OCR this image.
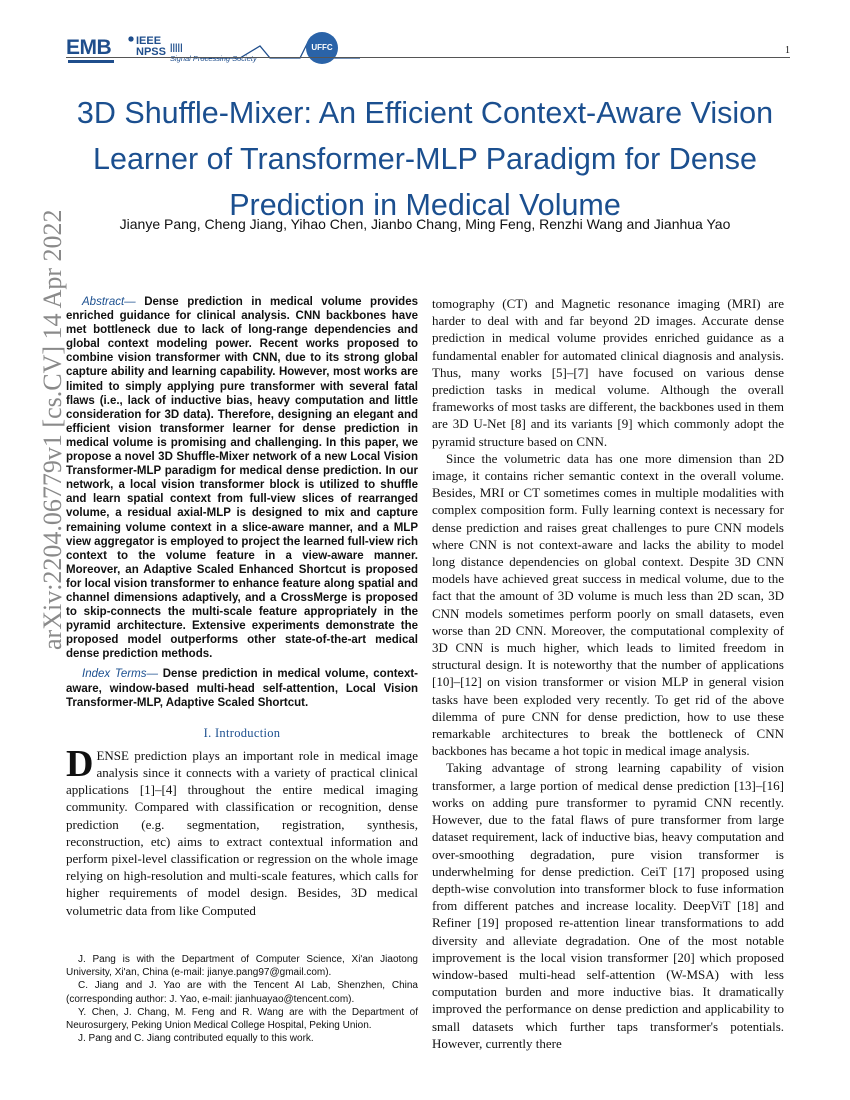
EMB IEEE NPSS |||||
Signal Processing Society
UFFC	1
3D Shuffle-Mixer: An Efficient Context-Aware Vision Learner of Transformer-MLP Paradigm for Dense Prediction in Medical Volume
Jianye Pang, Cheng Jiang, Yihao Chen, Jianbo Chang, Ming Feng, Renzhi Wang and Jianhua Yao
arXiv:2204.06779v1 [cs.CV] 14 Apr 2022	Abstract— Dense prediction in medical volume provides enriched guidance for clinical analysis. CNN backbones have met bottleneck due to lack of long-range dependencies and global context modeling power. Recent works proposed to combine vision transformer with CNN, due to its strong global capture ability and learning capability. However, most works are limited to simply applying pure transformer with several fatal flaws (i.e., lack of inductive bias, heavy computation and little consideration for 3D data). Therefore, designing an elegant and efficient vision transformer learner for dense prediction in medical volume is promising and challenging. In this paper, we propose a novel 3D Shuffle-Mixer network of a new Local Vision Transformer-MLP paradigm for medical dense prediction. In our network, a local vision transformer block is utilized to shuffle and learn spatial context from full-view slices of rearranged volume, a residual axial-MLP is designed to mix and capture remaining volume context in a slice-aware manner, and a MLP view aggregator is employed to project the learned full-view rich context to the volume feature in a view-aware manner. Moreover, an Adaptive Scaled Enhanced Shortcut is proposed for local vision transformer to enhance feature along spatial and channel dimensions adaptively, and a CrossMerge is proposed to skip-connects the multi-scale feature appropriately in the pyramid architecture. Extensive experiments demonstrate the proposed model outperforms other state-of-the-art medical dense prediction methods.

Index Terms— Dense prediction in medical volume, context-aware, window-based multi-head self-attention, Local Vision Transformer-MLP, Adaptive Scaled Shortcut.

I. Introduction

DENSE prediction plays an important role in medical image analysis since it connects with a variety of practical clinical applications [1]–[4] throughout the entire medical imaging community. Compared with classification or recognition, dense prediction (e.g. segmentation, registration, synthesis, reconstruction, etc) aims to extract contextual information and perform pixel-level classification or regression on the whole image relying on high-resolution and multi-scale features, which calls for higher requirements of model design. Besides, 3D medical volumetric data from like Computed

J. Pang is with the Department of Computer Science, Xi'an Jiaotong University, Xi'an, China (e-mail: jianye.pang97@gmail.com).

C. Jiang and J. Yao are with the Tencent AI Lab, Shenzhen, China (corresponding author: J. Yao, e-mail: jianhuayao@tencent.com).

Y. Chen, J. Chang, M. Feng and R. Wang are with the Department of Neurosurgery, Peking Union Medical College Hospital, Peking Union.

J. Pang and C. Jiang contributed equally to this work.

tomography (CT) and Magnetic resonance imaging (MRI) are harder to deal with and far beyond 2D images. Accurate dense prediction in medical volume provides enriched guidance as a fundamental enabler for automated clinical diagnosis and analysis. Thus, many works [5]–[7] have focused on various dense prediction tasks in medical volume. Although the overall frameworks of most tasks are different, the backbones used in them are 3D U-Net [8] and its variants [9] which commonly adopt the pyramid structure based on CNN.

Since the volumetric data has one more dimension than 2D image, it contains richer semantic context in the overall volume. Besides, MRI or CT sometimes comes in multiple modalities with complex composition form. Fully learning context is necessary for dense prediction and raises great challenges to pure CNN models where CNN is not context-aware and lacks the ability to model long distance dependencies on global context. Despite 3D CNN models have achieved great success in medical volume, due to the fact that the amount of 3D volume is much less than 2D scan, 3D CNN models sometimes perform poorly on small datasets, even worse than 2D CNN. Moreover, the computational complexity of 3D CNN is much higher, which leads to limited freedom in structural design. It is noteworthy that the number of applications [10]–[12] on vision transformer or vision MLP in general vision tasks have been exploded very recently. To get rid of the above dilemma of pure CNN for dense prediction, how to use these remarkable architectures to break the bottleneck of CNN backbones has became a hot topic in medical image analysis.

Taking advantage of strong learning capability of vision transformer, a large portion of medical dense prediction [13]–[16] works on adding pure transformer to pyramid CNN recently. However, due to the fatal flaws of pure transformer from large dataset requirement, lack of inductive bias, heavy computation and over-smoothing degradation, pure vision transformer is underwhelming for dense prediction. CeiT [17] proposed using depth-wise convolution into transformer block to fuse information from different patches and increase locality. DeepViT [18] and Refiner [19] proposed re-attention linear transformations to add diversity and alleviate degradation. One of the most notable improvement is the local vision transformer [20] which proposed window-based multi-head self-attention (W-MSA) with less computation burden and more inductive bias. It dramatically improved the performance on dense prediction and applicability to small datasets which further taps transformer's potentials. However, currently there
